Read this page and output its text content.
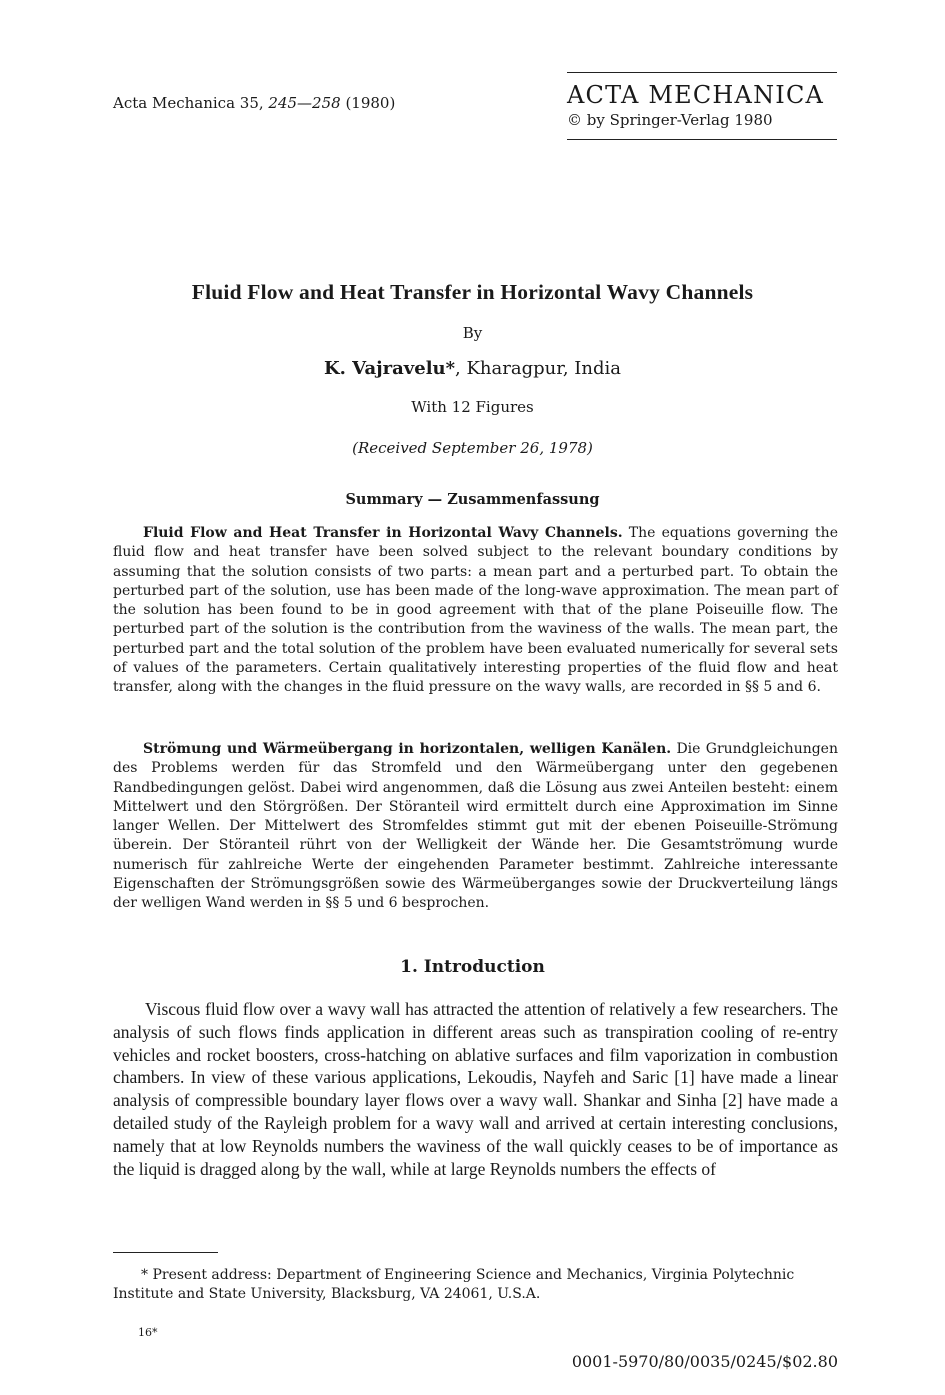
Acta Mechanica 35, 245—258 (1980)	ACTA MECHANICA
© by Springer-Verlag 1980
Fluid Flow and Heat Transfer in Horizontal Wavy Channels
By
K. Vajravelu*, Kharagpur, India
With 12 Figures
(Received September 26, 1978)
Summary — Zusammenfassung

Fluid Flow and Heat Transfer in Horizontal Wavy Channels. The equations governing the fluid flow and heat transfer have been solved subject to the relevant boundary conditions by assuming that the solution consists of two parts: a mean part and a perturbed part. To obtain the perturbed part of the solution, use has been made of the long-wave approximation. The mean part of the solution has been found to be in good agreement with that of the plane Poiseuille flow. The perturbed part of the solution is the contribution from the waviness of the walls. The mean part, the perturbed part and the total solution of the problem have been evaluated numerically for several sets of values of the parameters. Certain qualitatively interesting properties of the fluid flow and heat transfer, along with the changes in the fluid pressure on the wavy walls, are recorded in §§ 5 and 6.

Strömung und Wärmeübergang in horizontalen, welligen Kanälen. Die Grundgleichungen des Problems werden für das Stromfeld und den Wärmeübergang unter den gegebenen Randbedingungen gelöst. Dabei wird angenommen, daß die Lösung aus zwei Anteilen besteht: einem Mittelwert und den Störgrößen. Der Störanteil wird ermittelt durch eine Approximation im Sinne langer Wellen. Der Mittelwert des Stromfeldes stimmt gut mit der ebenen Poiseuille-Strömung überein. Der Störanteil rührt von der Welligkeit der Wände her. Die Gesamtströmung wurde numerisch für zahlreiche Werte der eingehenden Parameter bestimmt. Zahlreiche interessante Eigenschaften der Strömungsgrößen sowie des Wärmeüberganges sowie der Druckverteilung längs der welligen Wand werden in §§ 5 und 6 besprochen.

1. Introduction

Viscous fluid flow over a wavy wall has attracted the attention of relatively a few researchers. The analysis of such flows finds application in different areas such as transpiration cooling of re-entry vehicles and rocket boosters, cross-hatching on ablative surfaces and film vaporization in combustion chambers. In view of these various applications, Lekoudis, Nayfeh and Saric [1] have made a linear analysis of compressible boundary layer flows over a wavy wall. Shankar and Sinha [2] have made a detailed study of the Rayleigh problem for a wavy wall and arrived at certain interesting conclusions, namely that at low Reynolds numbers the waviness of the wall quickly ceases to be of importance as the liquid is dragged along by the wall, while at large Reynolds numbers the effects of

* Present address: Department of Engineering Science and Mechanics, Virginia Polytechnic Institute and State University, Blacksburg, VA 24061, U.S.A.

16*
0001-5970/80/0035/0245/$02.80
